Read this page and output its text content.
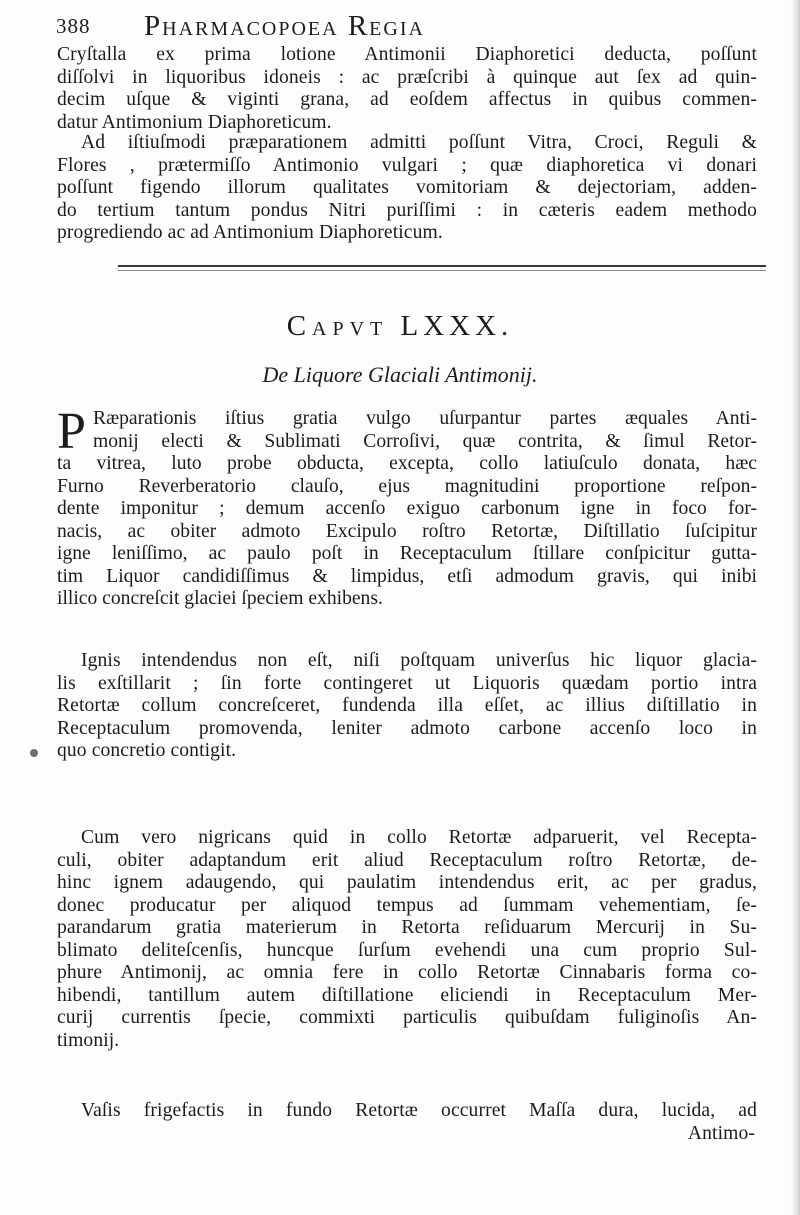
388 Pharmacopoea Regia
Cryſtalla ex prima lotione Antimonii Diaphoretici deducta, poſſunt
diſſolvi in liquoribus idoneis : ac præſcribi à quinque aut ſex ad quin-
decim uſque & viginti grana, ad eoſdem affectus in quibus commen-
datur Antimonium Diaphoreticum.
Ad iſtiuſmodi præparationem admitti poſſunt Vitra, Croci, Reguli &
Flores , prætermiſſo Antimonio vulgari ; quæ diaphoretica vi donari
poſſunt figendo illorum qualitates vomitoriam & dejectoriam, adden-
do tertium tantum pondus Nitri puriſſimi : in cæteris eadem methodo
progrediendo ac ad Antimonium Diaphoreticum.
Capvt LXXX.
De Liquore Glaciali Antimonij.
P Ræparationis iſtius gratia vulgo uſurpantur partes æquales Anti-
monij electi & Sublimati Corroſivi, quæ contrita, & ſimul Retor-
ta vitrea, luto probe obducta, excepta, collo latiuſculo donata, hæc
Furno Reverberatorio clauſo, ejus magnitudini proportione reſpon-
dente imponitur ; demum accenſo exiguo carbonum igne in foco for-
nacis, ac obiter admoto Excipulo roſtro Retortæ, Diſtillatio ſuſcipitur
igne leniſſimo, ac paulo poſt in Receptaculum ſtillare conſpicitur gutta-
tim Liquor candidiſſimus & limpidus, etſi admodum gravis, qui inibi
illico concreſcit glaciei ſpeciem exhibens.
Ignis intendendus non eſt, niſi poſtquam univerſus hic liquor glacia-
lis exſtillarit ; ſin forte contingeret ut Liquoris quædam portio intra
Retortæ collum concreſceret, fundenda illa eſſet, ac illius diſtillatio in
Receptaculum promovenda, leniter admoto carbone accenſo loco in
quo concretio contigit.
Cum vero nigricans quid in collo Retortæ adparuerit, vel Recepta-
culi, obiter adaptandum erit aliud Receptaculum roſtro Retortæ, de-
hinc ignem adaugendo, qui paulatim intendendus erit, ac per gradus,
donec producatur per aliquod tempus ad ſummam vehementiam, ſe-
parandarum gratia materierum in Retorta reſiduarum Mercurij in Su-
blimato delitеſcenſis, huncque ſurſum evehendi una cum proprio Sul-
phure Antimonij, ac omnia fere in collo Retortæ Cinnabaris forma co-
hibendi, tantillum autem diſtillatione eliciendi in Receptaculum Mer-
curij currentis ſpecie, commixti particulis quibuſdam fuliginoſis An-
timonij.
Vaſis frigefactis in fundo Retortæ occurret Maſſa dura, lucida, ad
Antimo-
